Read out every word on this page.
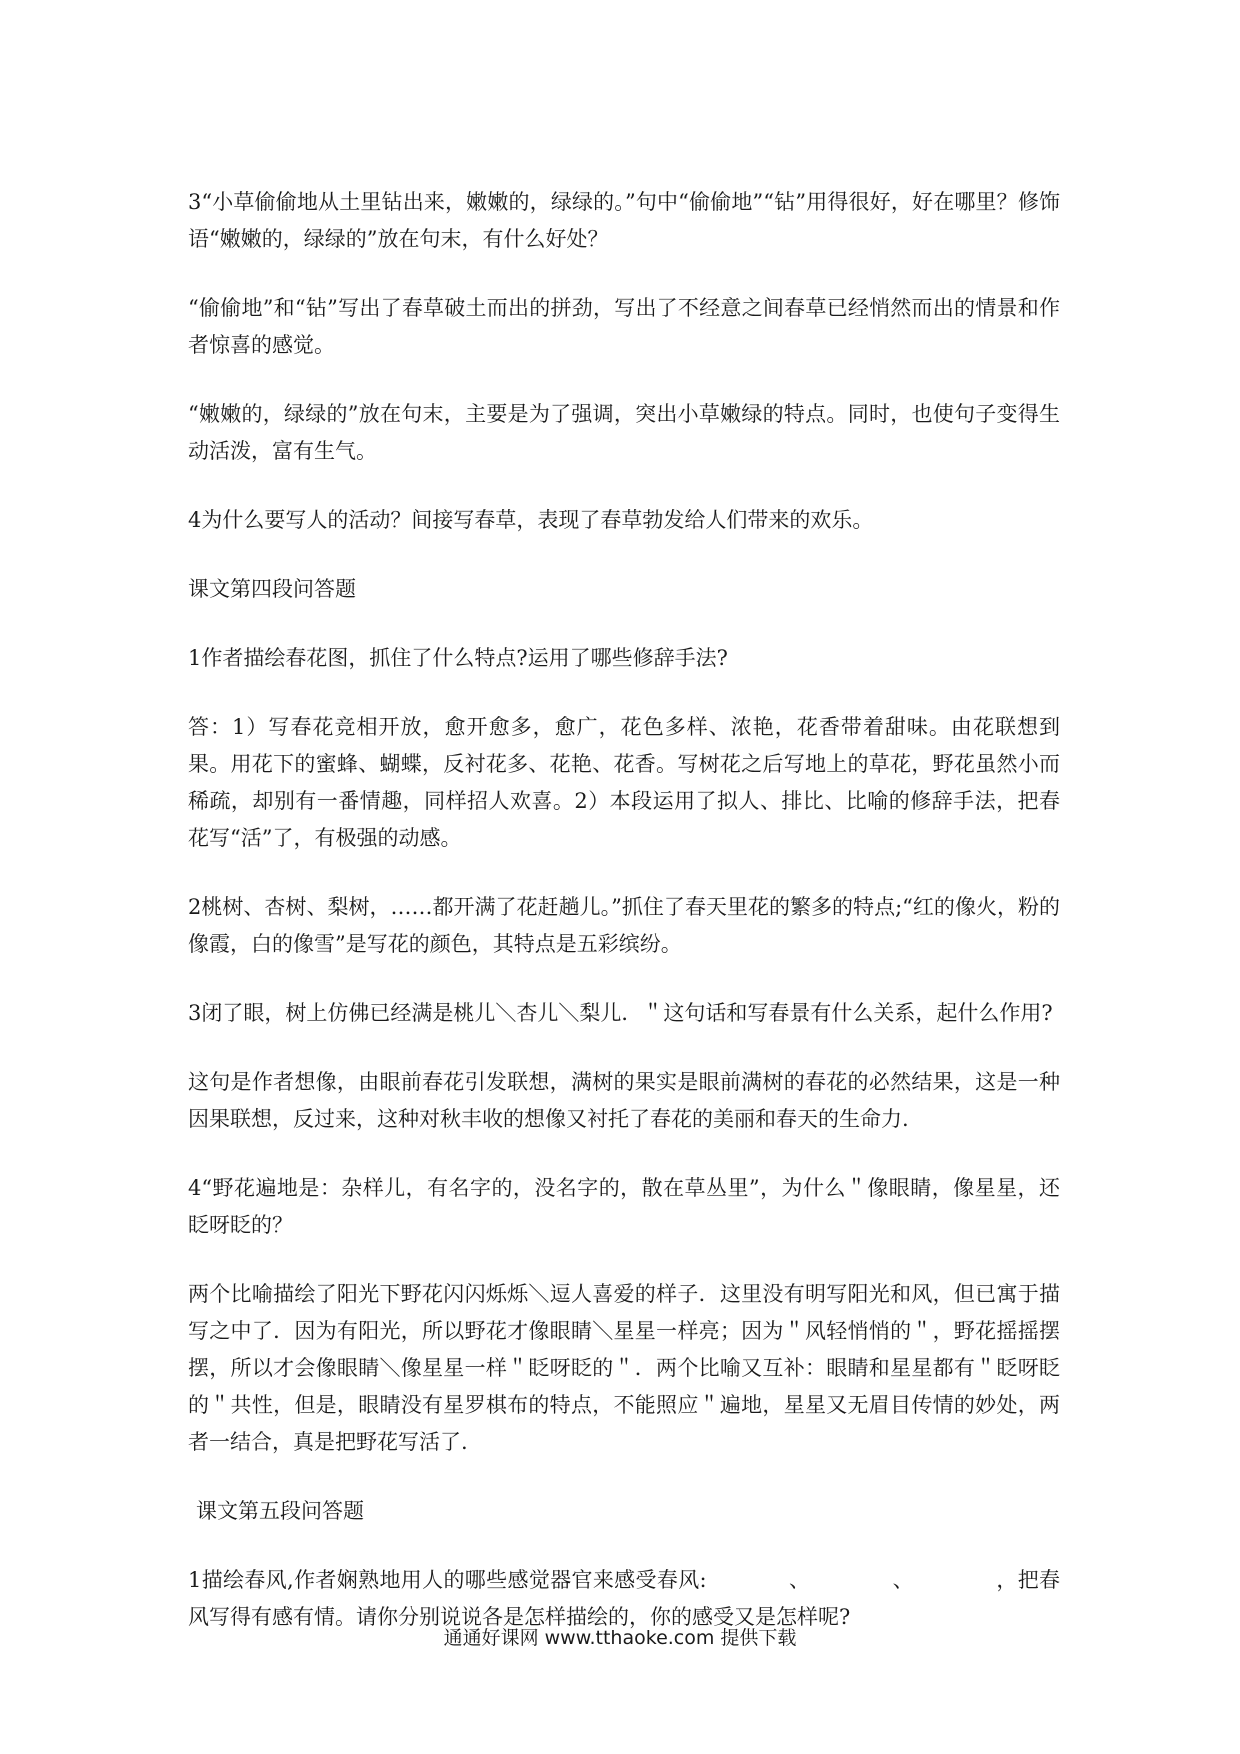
3“小草偷偷地从土里钻出来，嫩嫩的，绿绿的。”句中“偷偷地”“钻”用得很好，好在哪里？修饰语“嫩嫩的，绿绿的”放在句末，有什么好处？

“偷偷地”和“钻”写出了春草破土而出的拼劲，写出了不经意之间春草已经悄然而出的情景和作者惊喜的感觉。

“嫩嫩的，绿绿的”放在句末，主要是为了强调，突出小草嫩绿的特点。同时，也使句子变得生动活泼，富有生气。

4为什么要写人的活动？间接写春草，表现了春草勃发给人们带来的欢乐。

课文第四段问答题

1作者描绘春花图，抓住了什么特点?运用了哪些修辞手法?

答：1）写春花竞相开放，愈开愈多，愈广，花色多样、浓艳，花香带着甜味。由花联想到果。用花下的蜜蜂、蝴蝶，反衬花多、花艳、花香。写树花之后写地上的草花，野花虽然小而稀疏，却别有一番情趣，同样招人欢喜。2）本段运用了拟人、排比、比喻的修辞手法，把春花写“活”了，有极强的动感。

2桃树、杏树、梨树，……都开满了花赶趟儿。”抓住了春天里花的繁多的特点;“红的像火，粉的像霞，白的像雪”是写花的颜色，其特点是五彩缤纷。

3闭了眼，树上仿佛已经满是桃儿＼杏儿＼梨儿．＂这句话和写春景有什么关系，起什么作用?

这句是作者想像，由眼前春花引发联想，满树的果实是眼前满树的春花的必然结果，这是一种因果联想，反过来，这种对秋丰收的想像又衬托了春花的美丽和春天的生命力.

4“野花遍地是：杂样儿，有名字的，没名字的，散在草丛里”，为什么＂像眼睛，像星星，还眨呀眨的？

两个比喻描绘了阳光下野花闪闪烁烁＼逗人喜爱的样子．这里没有明写阳光和风，但已寓于描写之中了．因为有阳光，所以野花才像眼睛＼星星一样亮；因为＂风轻悄悄的＂，野花摇摇摆摆，所以才会像眼睛＼像星星一样＂眨呀眨的＂．两个比喻又互补：眼睛和星星都有＂眨呀眨的＂共性，但是，眼睛没有星罗棋布的特点，不能照应＂遍地，星星又无眉目传情的妙处，两者一结合，真是把野花写活了.

课文第五段问答题

1描绘春风,作者娴熟地用人的哪些感觉器官来感受春风:	、	、	，把春风写得有感有情。请你分别说说各是怎样描绘的，你的感受又是怎样呢?

通通好课网 www.tthaoke.com 提供下载
